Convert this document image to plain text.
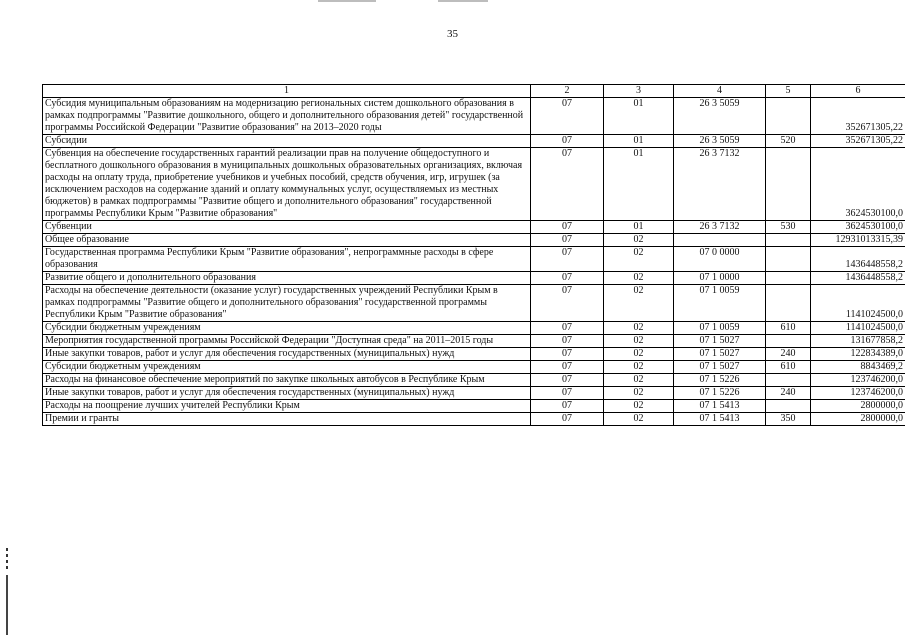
35
1	2	3	4	5	6
Субсидия муниципальным образованиям на модернизацию региональных систем дошкольного образования в рамках подпрограммы "Развитие дошкольного, общего и дополнительного образования детей" государственной программы Российской Федерации "Развитие образования" на 2013–2020 годы	07	01	26 3 5059		352671305,22
Субсидии	07	01	26 3 5059	520	352671305,22
Субвенция на обеспечение государственных гарантий реализации прав на получение общедоступного и бесплатного дошкольного образования в муниципальных дошкольных образовательных организациях, включая расходы на оплату труда, приобретение учебников и учебных пособий, средств обучения, игр, игрушек (за исключением расходов на содержание зданий и оплату коммунальных услуг, осуществляемых из местных бюджетов) в рамках подпрограммы "Развитие общего и дополнительного образования" государственной программы Республики Крым "Развитие образования"	07	01	26 3 7132		3624530100,0
Субвенции	07	01	26 3 7132	530	3624530100,0
Общее образование	07	02			12931013315,39
Государственная программа Республики Крым "Развитие образования", непрограммные расходы в сфере образования	07	02	07 0 0000		1436448558,2
Развитие общего и дополнительного образования	07	02	07 1 0000		1436448558,2
Расходы на обеспечение деятельности (оказание услуг) государственных учреждений Республики Крым в рамках подпрограммы "Развитие общего и дополнительного образования" государственной программы Республики Крым "Развитие образования"	07	02	07 1 0059		1141024500,0
Субсидии бюджетным учреждениям	07	02	07 1 0059	610	1141024500,0
Мероприятия государственной программы Российской Федерации "Доступная среда" на 2011–2015 годы	07	02	07 1 5027		131677858,2
Иные закупки товаров, работ и услуг для обеспечения государственных (муниципальных) нужд	07	02	07 1 5027	240	122834389,0
Субсидии бюджетным учреждениям	07	02	07 1 5027	610	8843469,2
Расходы на финансовое обеспечение мероприятий по закупке школьных автобусов в Республике Крым	07	02	07 1 5226		123746200,0
Иные закупки товаров, работ и услуг для обеспечения государственных (муниципальных) нужд	07	02	07 1 5226	240	123746200,0
Расходы на поощрение лучших учителей Республики Крым	07	02	07 1 5413		2800000,0
Премии и гранты	07	02	07 1 5413	350	2800000,0
